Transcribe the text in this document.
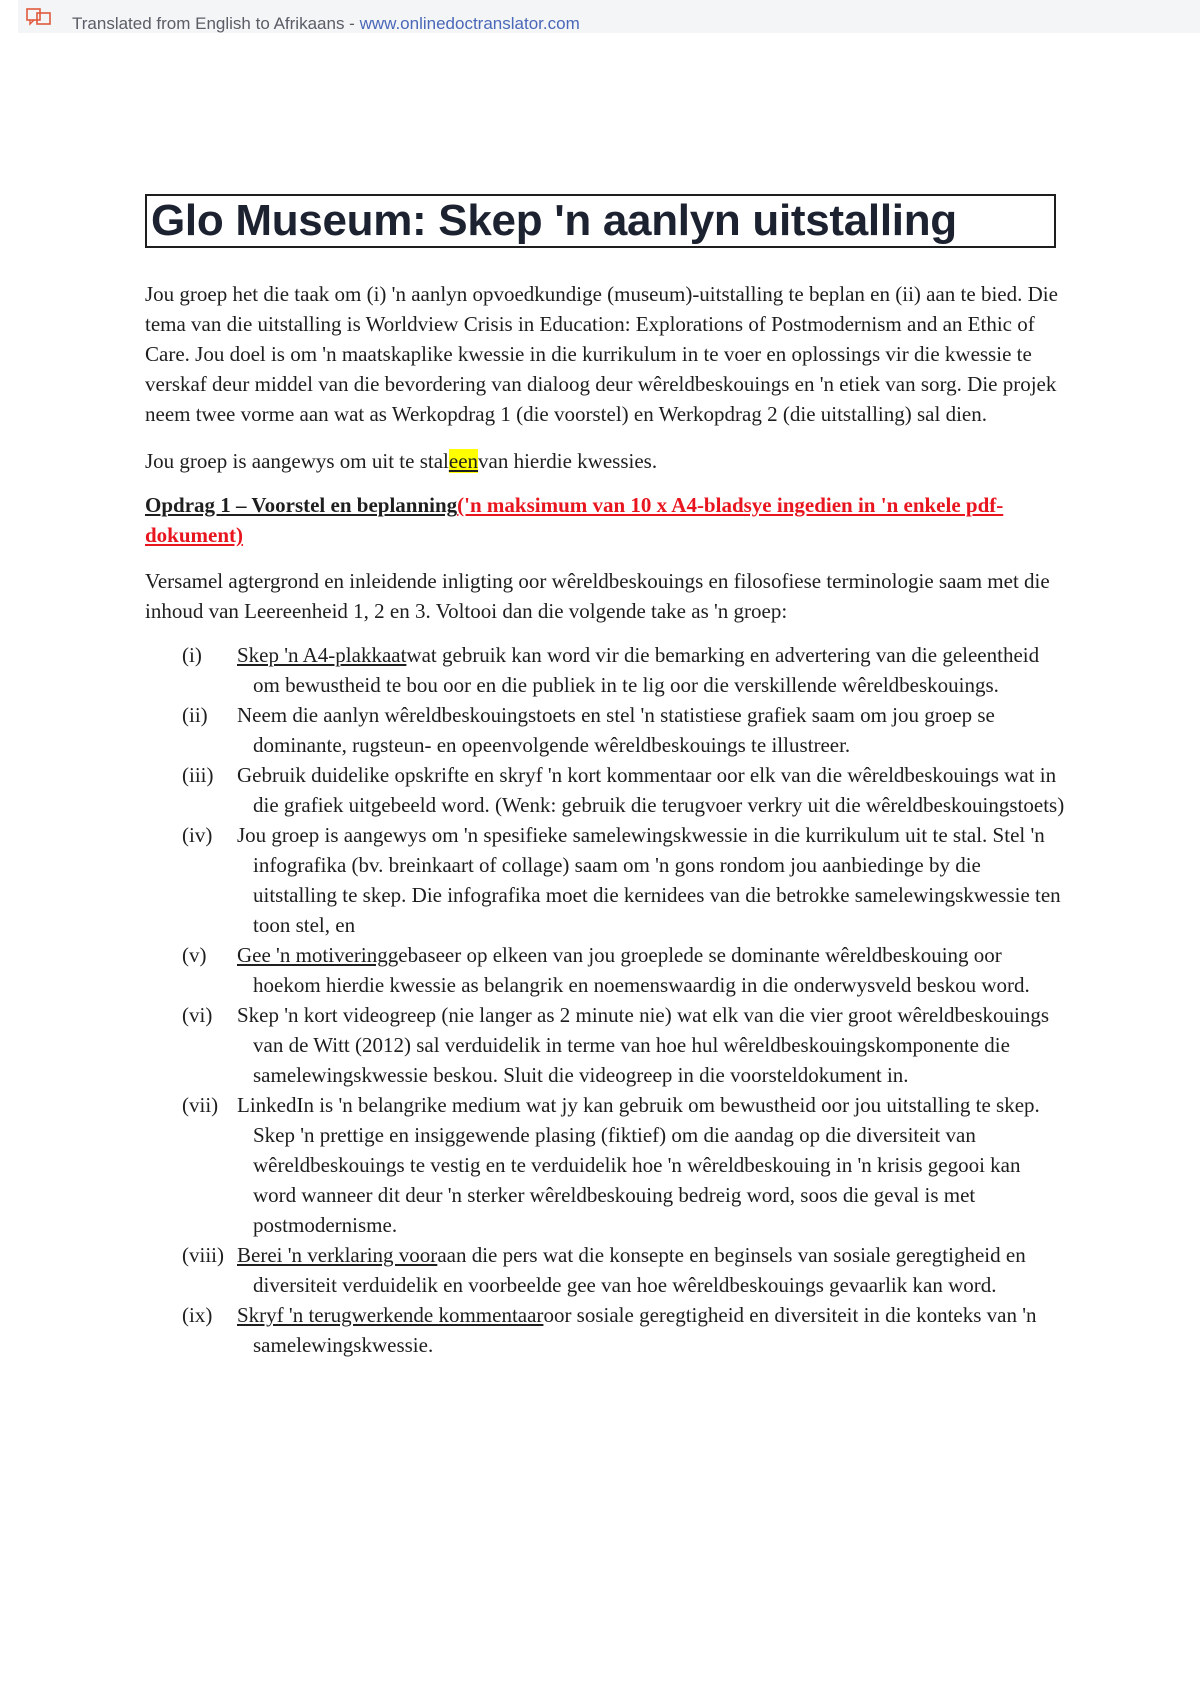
Translated from English to Afrikaans - www.onlinedoctranslator.com
Glo Museum: Skep 'n aanlyn uitstalling

Jou groep het die taak om (i) 'n aanlyn opvoedkundige (museum)-uitstalling te beplan en (ii) aan te bied. Die tema van die uitstalling is Worldview Crisis in Education: Explorations of Postmodernism and an Ethic of Care. Jou doel is om 'n maatskaplike kwessie in die kurrikulum in te voer en oplossings vir die kwessie te verskaf deur middel van die bevordering van dialoog deur wêreldbeskouings en 'n etiek van sorg. Die projek neem twee vorme aan wat as Werkopdrag 1 (die voorstel) en Werkopdrag 2 (die uitstalling) sal dien.

Jou groep is aangewys om uit te staleenvan hierdie kwessies.

Opdrag 1 – Voorstel en beplanning('n maksimum van 10 x A4-bladsye ingedien in 'n enkele pdf-dokument)

Versamel agtergrond en inleidende inligting oor wêreldbeskouings en filosofiese terminologie saam met die inhoud van Leereenheid 1, 2 en 3. Voltooi dan die volgende take as 'n groep:

(i) Skep 'n A4-plakkaatwat gebruik kan word vir die bemarking en advertering van die geleentheid om bewustheid te bou oor en die publiek in te lig oor die verskillende wêreldbeskouings.
(ii) Neem die aanlyn wêreldbeskouingstoets en stel 'n statistiese grafiek saam om jou groep se dominante, rugsteun- en opeenvolgende wêreldbeskouings te illustreer.
(iii) Gebruik duidelike opskrifte en skryf 'n kort kommentaar oor elk van die wêreldbeskouings wat in die grafiek uitgebeeld word. (Wenk: gebruik die terugvoer verkry uit die wêreldbeskouingstoets)
(iv) Jou groep is aangewys om 'n spesifieke samelewingskwessie in die kurrikulum uit te stal. Stel 'n infografika (bv. breinkaart of collage) saam om 'n gons rondom jou aanbiedinge by die uitstalling te skep. Die infografika moet die kernidees van die betrokke samelewingskwessie ten toon stel, en
(v) Gee 'n motiveringgebaseer op elkeen van jou groeplede se dominante wêreldbeskouing oor hoekom hierdie kwessie as belangrik en noemenswaardig in die onderwysveld beskou word.
(vi) Skep 'n kort videogreep (nie langer as 2 minute nie) wat elk van die vier groot wêreldbeskouings van de Witt (2012) sal verduidelik in terme van hoe hul wêreldbeskouingskomponente die samelewingskwessie beskou. Sluit die videogreep in die voorsteldokument in.
(vii) LinkedIn is 'n belangrike medium wat jy kan gebruik om bewustheid oor jou uitstalling te skep. Skep 'n prettige en insiggewende plasing (fiktief) om die aandag op die diversiteit van wêreldbeskouings te vestig en te verduidelik hoe 'n wêreldbeskouing in 'n krisis gegooi kan word wanneer dit deur 'n sterker wêreldbeskouing bedreig word, soos die geval is met postmodernisme.
(viii) Berei 'n verklaring vooraan die pers wat die konsepte en beginsels van sosiale geregtigheid en diversiteit verduidelik en voorbeelde gee van hoe wêreldbeskouings gevaarlik kan word.
(ix) Skryf 'n terugwerkende kommentaaroor sosiale geregtigheid en diversiteit in die konteks van 'n samelewingskwessie.
